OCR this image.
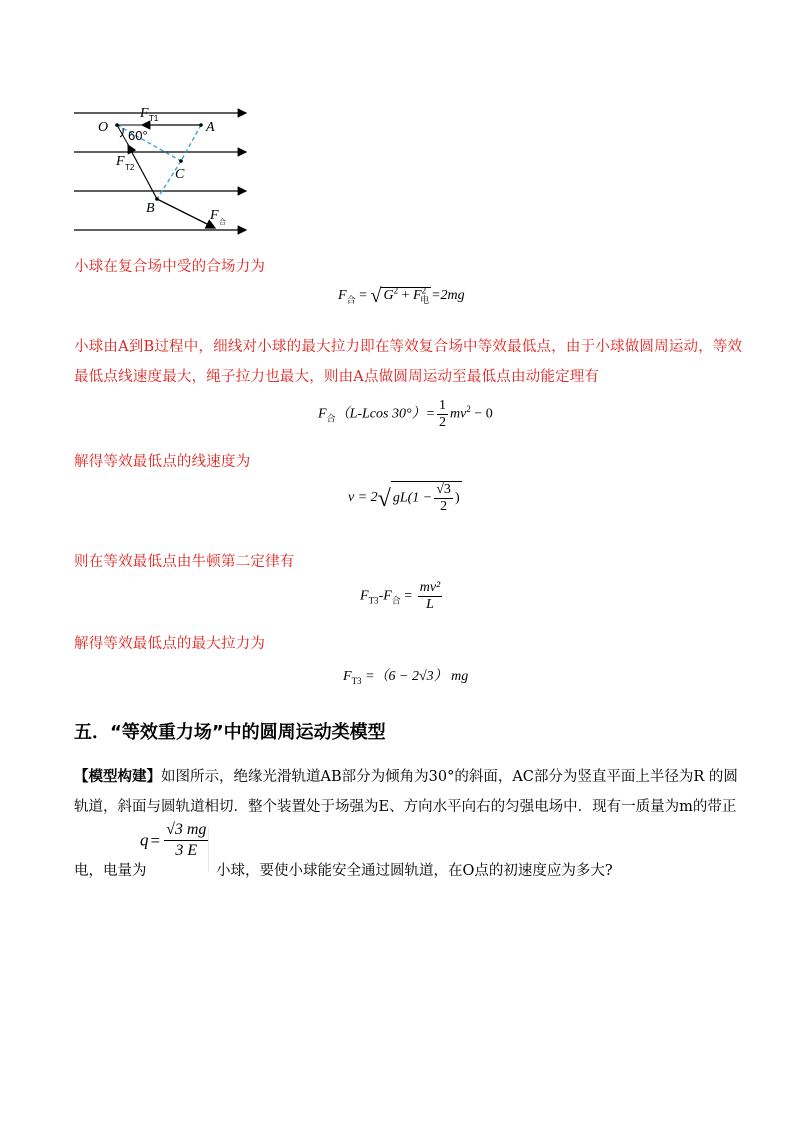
O	A
F T1
60°
F T2	C
B	F 合
小球在复合场中受的合场力为
$F_合$ = √ $G^2 + F^2_电 =2mg$
小球由A到B过程中，细线对小球的最大拉力即在等效复合场中等效最低点，由于小球做圆周运动，等效
最低点线速度最大，绳子拉力也最大，则由A点做圆周运动至最低点由动能定理有
$F_合(L$-Lcos $30^\circ)= \frac{1}{2} mv^2 - 0$
解得等效最低点的线速度为
v = 2√ $gL(1 - \frac{√3}{2}$ )
则在等效最低点由牛顿第二定律有
$F_{T3}-F_合 = \frac{\text{mv²}}{L}$
解得等效最低点的最大拉力为
$F_{T3} =(6 - 2√3)$ mg
五．“等效重力场”中的圆周运动类模型
【模型构建】如图所示，绝缘光滑轨道AB部分为倾角为30°的斜面，AC部分为竖直平面上半径为R 的圆
轨道，斜面与圆轨道相切．整个装置处于场强为E、方向水平向右的匀强电场中．现有一质量为m的带正
$q = \frac{√3 mg}{3 E}$
电，电量为	小球，要使小球能安全通过圆轨道，在O点的初速度应为多大?
